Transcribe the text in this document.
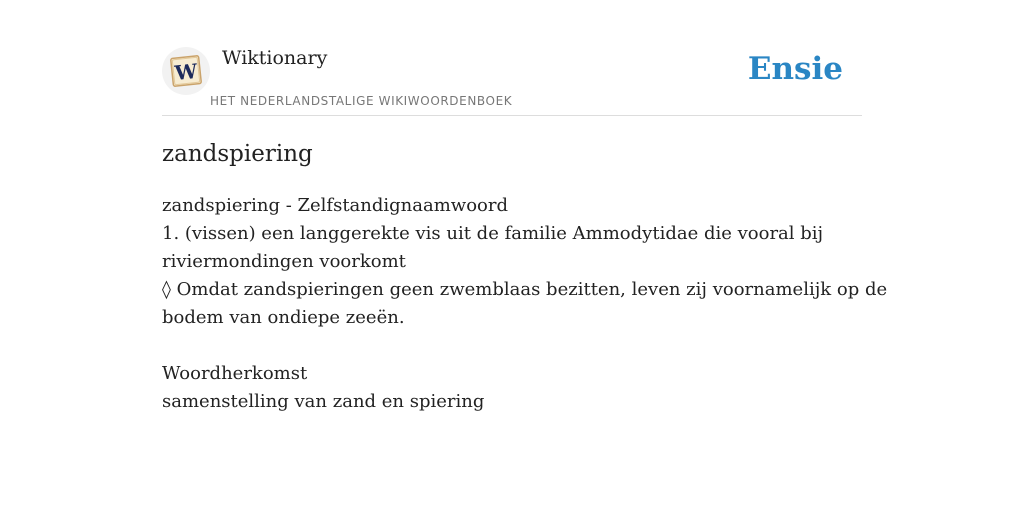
W
Wiktionary
HET NEDERLANDSTALIGE WIKIWOORDENBOEK
Ensie
zandspiering
zandspiering - Zelfstandignaamwoord
1. (vissen) een langgerekte vis uit de familie Ammodytidae die vooral bij
riviermondingen voorkomt
◊ Omdat zandspieringen geen zwemblaas bezitten, leven zij voornamelijk op de
bodem van ondiepe zeeën.
Woordherkomst
samenstelling van zand en spiering
